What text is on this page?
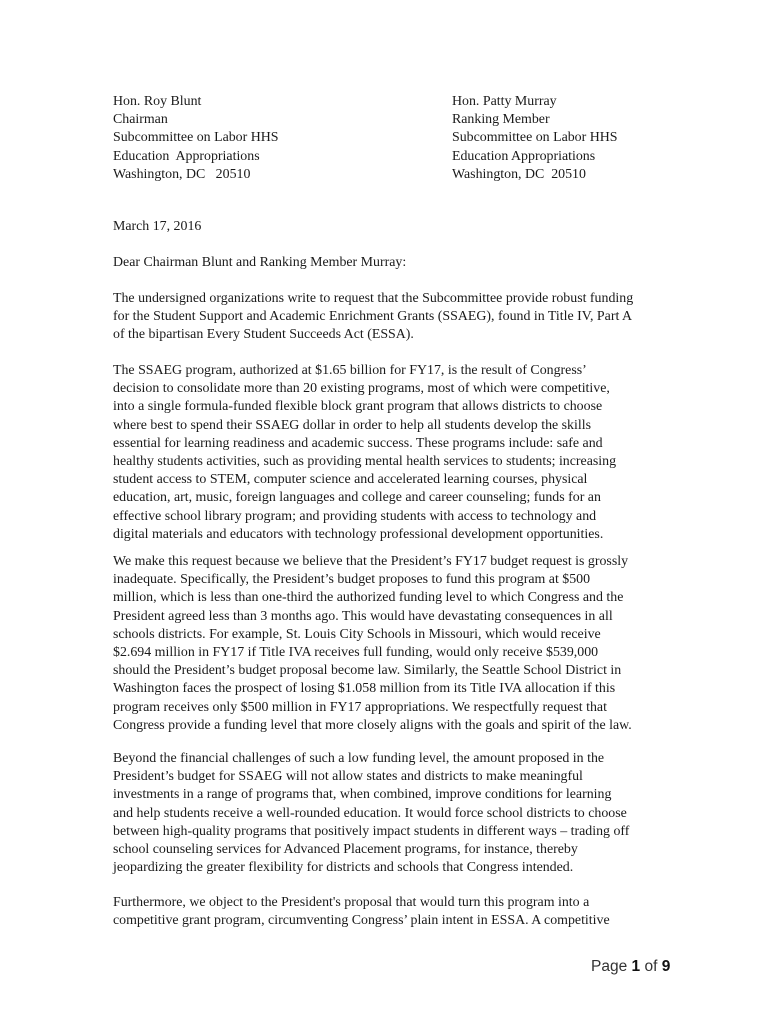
Hon. Roy Blunt
Chairman
Subcommittee on Labor HHS
Education  Appropriations
Washington, DC   20510
Hon. Patty Murray
Ranking Member
Subcommittee on Labor HHS
Education Appropriations
Washington, DC  20510
March 17, 2016
Dear Chairman Blunt and Ranking Member Murray:
The undersigned organizations write to request that the Subcommittee provide robust funding
for the Student Support and Academic Enrichment Grants (SSAEG), found in Title IV, Part A
of the bipartisan Every Student Succeeds Act (ESSA).
The SSAEG program, authorized at $1.65 billion for FY17, is the result of Congress’
decision to consolidate more than 20 existing programs, most of which were competitive,
into a single formula-funded flexible block grant program that allows districts to choose
where best to spend their SSAEG dollar in order to help all students develop the skills
essential for learning readiness and academic success. These programs include: safe and
healthy students activities, such as providing mental health services to students; increasing
student access to STEM, computer science and accelerated learning courses, physical
education, art, music, foreign languages and college and career counseling; funds for an
effective school library program; and providing students with access to technology and
digital materials and educators with technology professional development opportunities.
We make this request because we believe that the President’s FY17 budget request is grossly
inadequate. Specifically, the President’s budget proposes to fund this program at $500
million, which is less than one-third the authorized funding level to which Congress and the
President agreed less than 3 months ago. This would have devastating consequences in all
schools districts. For example, St. Louis City Schools in Missouri, which would receive
$2.694 million in FY17 if Title IVA receives full funding, would only receive $539,000
should the President’s budget proposal become law. Similarly, the Seattle School District in
Washington faces the prospect of losing $1.058 million from its Title IVA allocation if this
program receives only $500 million in FY17 appropriations. We respectfully request that
Congress provide a funding level that more closely aligns with the goals and spirit of the law.
Beyond the financial challenges of such a low funding level, the amount proposed in the
President’s budget for SSAEG will not allow states and districts to make meaningful
investments in a range of programs that, when combined, improve conditions for learning
and help students receive a well-rounded education. It would force school districts to choose
between high-quality programs that positively impact students in different ways – trading off
school counseling services for Advanced Placement programs, for instance, thereby
jeopardizing the greater flexibility for districts and schools that Congress intended.
Furthermore, we object to the President's proposal that would turn this program into a
competitive grant program, circumventing Congress’ plain intent in ESSA. A competitive
Page 1 of 9
